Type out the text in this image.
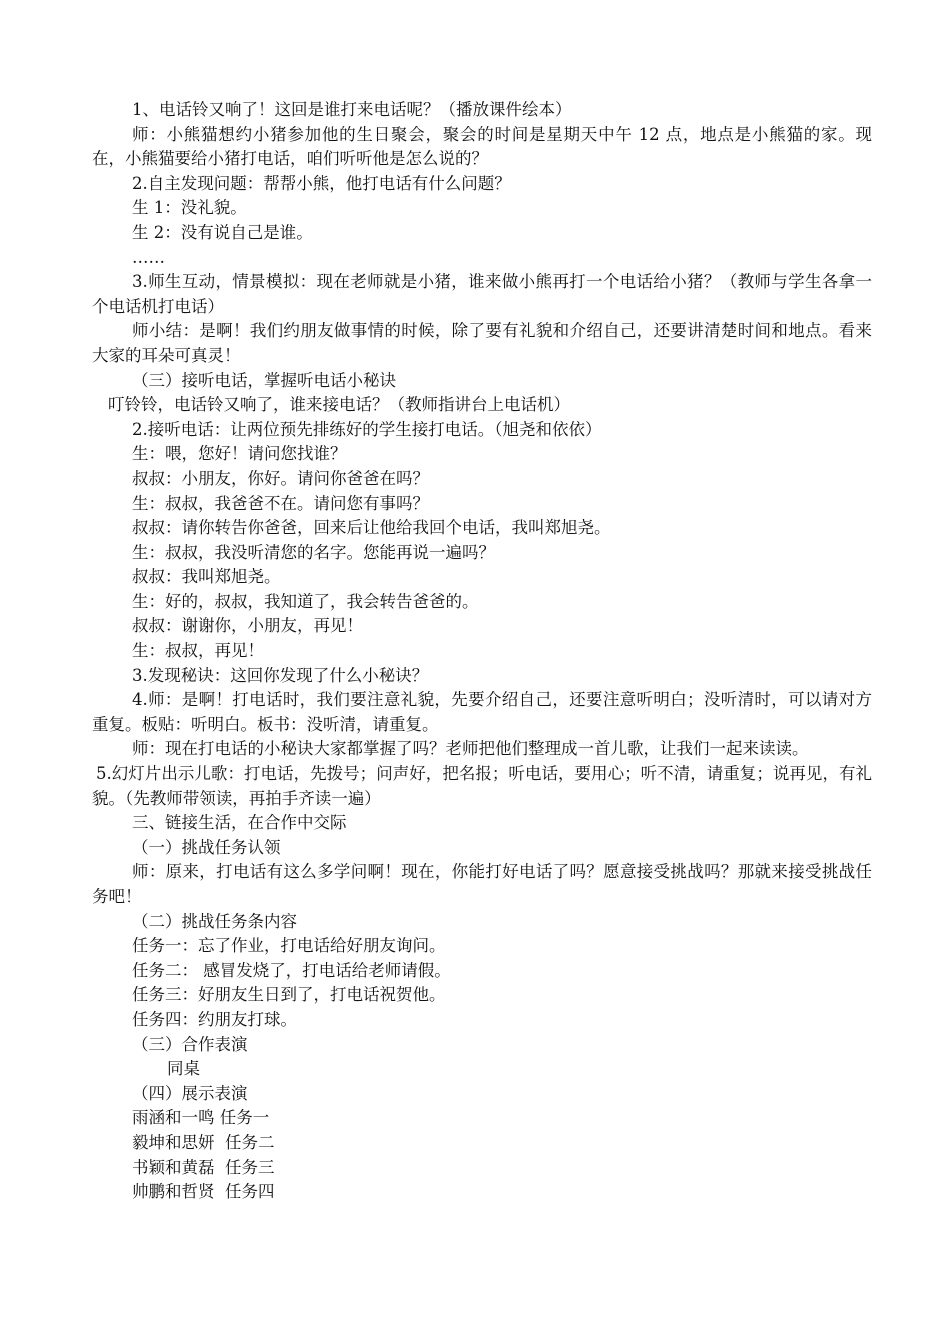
1、电话铃又响了！这回是谁打来电话呢？（播放课件绘本）

师：小熊猫想约小猪参加他的生日聚会，聚会的时间是星期天中午 12 点，地点是小熊猫的家。现在，小熊猫要给小猪打电话，咱们听听他是怎么说的？

2.自主发现问题：帮帮小熊，他打电话有什么问题？

生 1：没礼貌。

生 2：没有说自己是谁。

……

3.师生互动，情景模拟：现在老师就是小猪，谁来做小熊再打一个电话给小猪？（教师与学生各拿一个电话机打电话）

师小结：是啊！我们约朋友做事情的时候，除了要有礼貌和介绍自己，还要讲清楚时间和地点。看来大家的耳朵可真灵！

（三）接听电话，掌握听电话小秘诀

叮铃铃，电话铃又响了，谁来接电话？（教师指讲台上电话机）

2.接听电话：让两位预先排练好的学生接打电话。（旭尧和依依）

生：喂，您好！请问您找谁？

叔叔：小朋友，你好。请问你爸爸在吗？

生：叔叔，我爸爸不在。请问您有事吗？

叔叔：请你转告你爸爸，回来后让他给我回个电话，我叫郑旭尧。

生：叔叔，我没听清您的名字。您能再说一遍吗？

叔叔：我叫郑旭尧。

生：好的，叔叔，我知道了，我会转告爸爸的。

叔叔：谢谢你，小朋友，再见！

生：叔叔，再见！

3.发现秘诀：这回你发现了什么小秘诀？

4.师：是啊！打电话时，我们要注意礼貌，先要介绍自己，还要注意听明白；没听清时，可以请对方重复。板贴：听明白。板书：没听清，请重复。

师：现在打电话的小秘诀大家都掌握了吗？老师把他们整理成一首儿歌，让我们一起来读读。

5.幻灯片出示儿歌：打电话，先拨号；问声好，把名报；听电话，要用心；听不清，请重复；说再见，有礼貌。（先教师带领读，再拍手齐读一遍）

三、链接生活，在合作中交际

（一）挑战任务认领

师：原来，打电话有这么多学问啊！现在，你能打好电话了吗？愿意接受挑战吗？那就来接受挑战任务吧！

（二）挑战任务条内容

任务一：忘了作业，打电话给好朋友询问。

任务二： 感冒发烧了，打电话给老师请假。

任务三：好朋友生日到了，打电话祝贺他。

任务四：约朋友打球。

（三）合作表演

同桌

（四）展示表演

雨涵和一鸣 任务一

毅坤和思妍  任务二

书颖和黄磊  任务三

帅鹏和哲贤  任务四
